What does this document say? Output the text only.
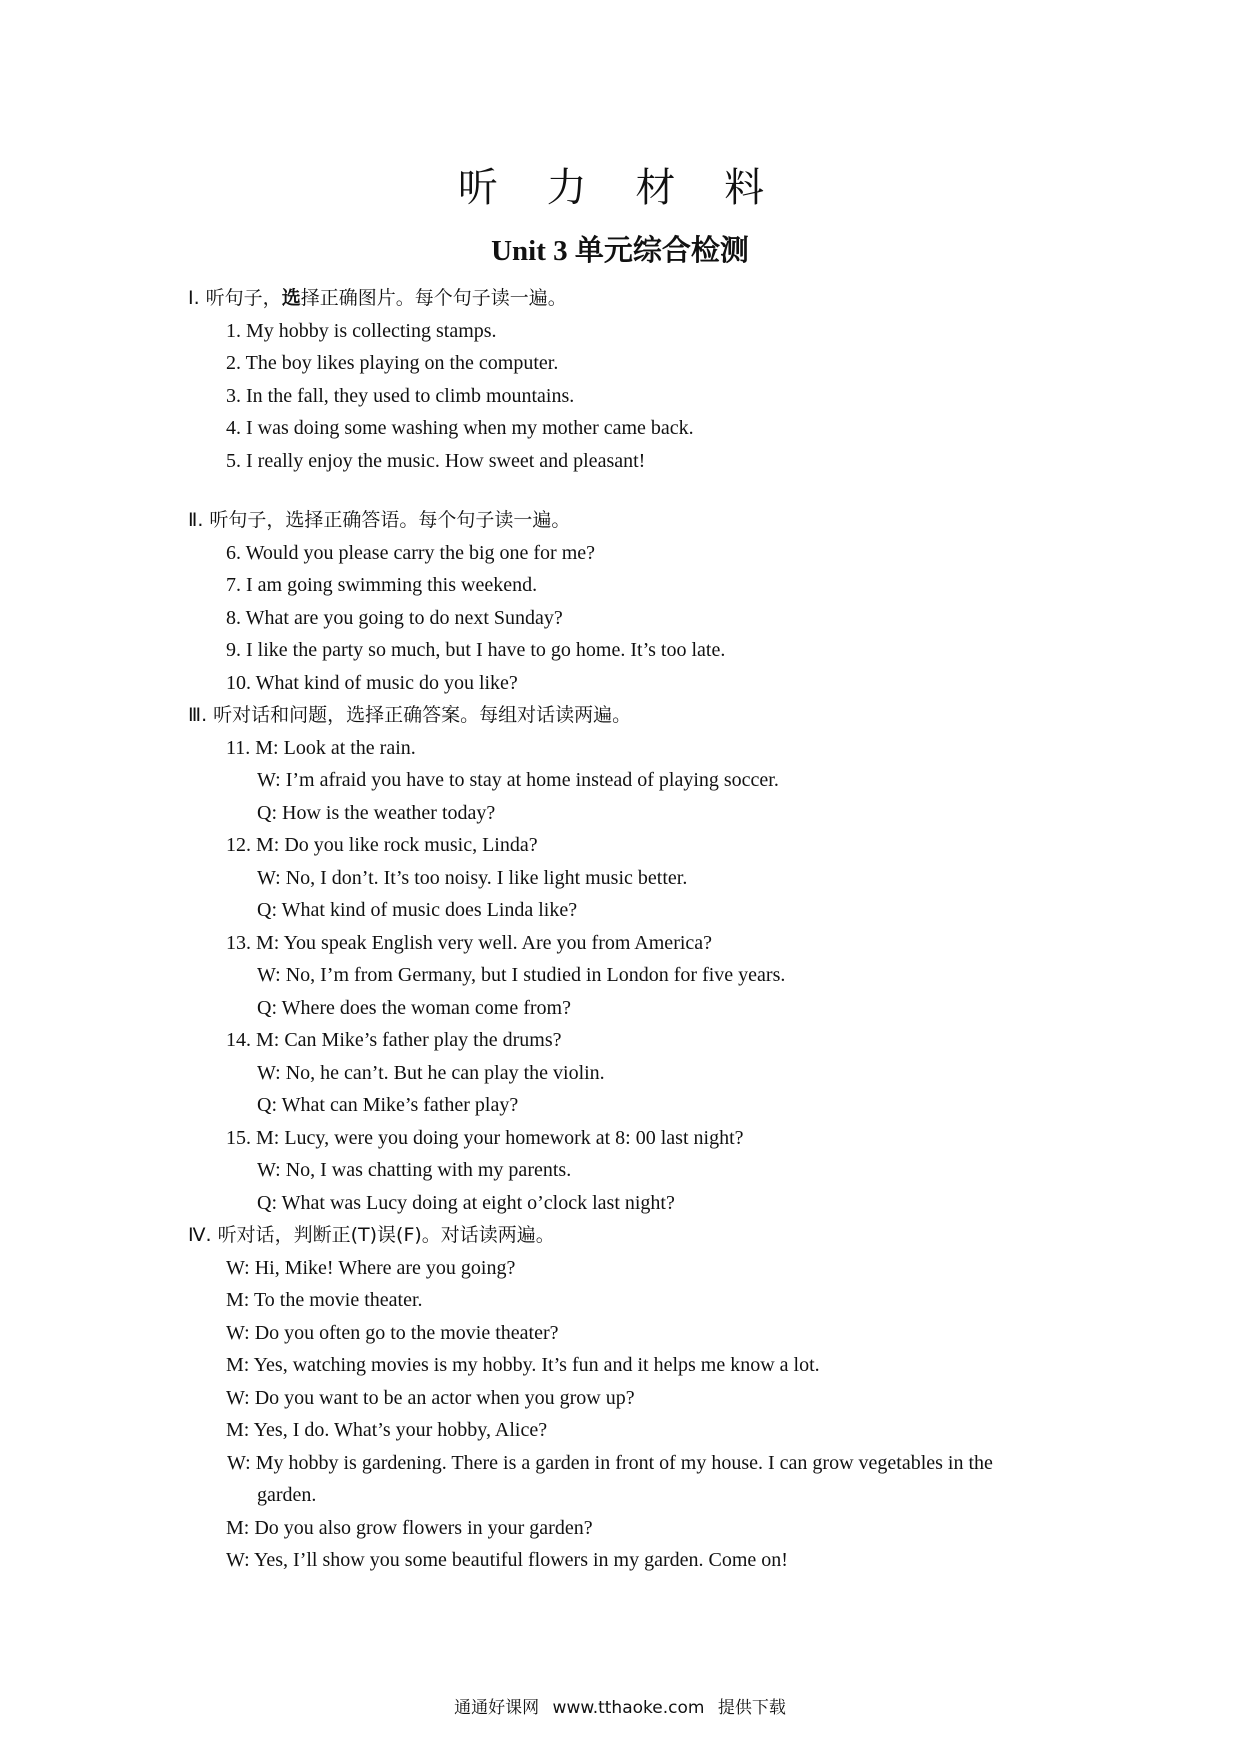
听 力 材 料
Unit 3 单元综合检测
Ⅰ. 听句子，选择正确图片。每个句子读一遍。
1. My hobby is collecting stamps.
2. The boy likes playing on the computer.
3. In the fall, they used to climb mountains.
4. I was doing some washing when my mother came back.
5. I really enjoy the music. How sweet and pleasant!
Ⅱ. 听句子，选择正确答语。每个句子读一遍。
6. Would you please carry the big one for me?
7. I am going swimming this weekend.
8. What are you going to do next Sunday?
9. I like the party so much, but I have to go home. It’s too late.
10. What kind of music do you like?
Ⅲ. 听对话和问题，选择正确答案。每组对话读两遍。
11. M: Look at the rain.
W: I’m afraid you have to stay at home instead of playing soccer.
Q: How is the weather today?
12. M: Do you like rock music, Linda?
W: No, I don’t. It’s too noisy. I like light music better.
Q: What kind of music does Linda like?
13. M: You speak English very well. Are you from America?
W: No, I’m from Germany, but I studied in London for five years.
Q: Where does the woman come from?
14. M: Can Mike’s father play the drums?
W: No, he can’t. But he can play the violin.
Q: What can Mike’s father play?
15. M: Lucy, were you doing your homework at 8: 00 last night?
W: No, I was chatting with my parents.
Q: What was Lucy doing at eight o’clock last night?
Ⅳ. 听对话，判断正(T)误(F)。对话读两遍。
W: Hi, Mike! Where are you going?
M: To the movie theater.
W: Do you often go to the movie theater?
M: Yes, watching movies is my hobby. It’s fun and it helps me know a lot.
W: Do you want to be an actor when you grow up?
M: Yes, I do. What’s your hobby, Alice?
W: My hobby is gardening. There is a garden in front of my house. I can grow vegetables in the garden.
M: Do you also grow flowers in your garden?
W: Yes, I’ll show you some beautiful flowers in my garden. Come on!
通通好课网 www.tthaoke.com 提供下载
